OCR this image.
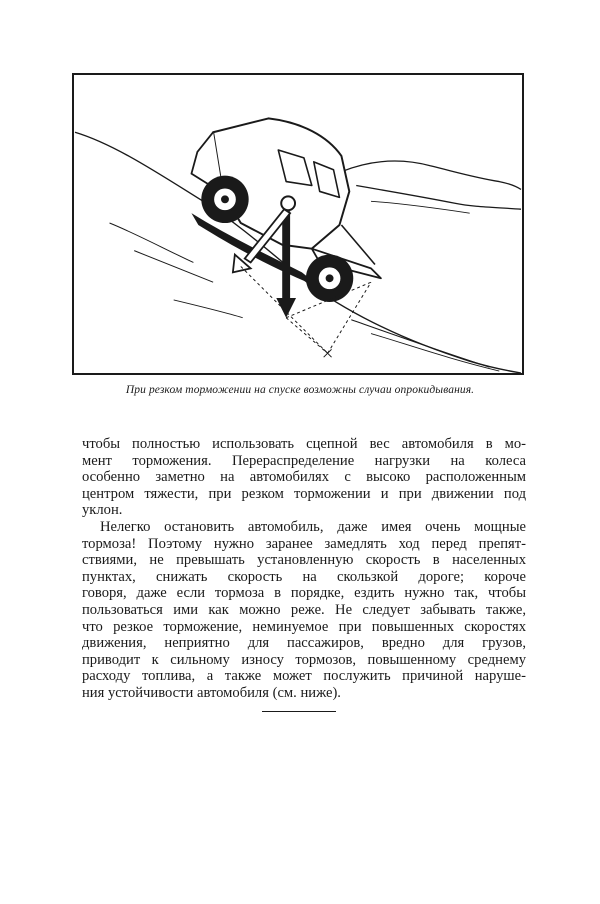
При резком торможении на спуске возможны случаи опрокидывания.
чтобы полностью использовать сцепной вес автомобиля в мо-
мент торможения. Перераспределение нагрузки на колеса
особенно заметно на автомобилях с высоко расположенным
центром тяжести, при резком торможении и при движении под
уклон.
Нелегко остановить автомобиль, даже имея очень мощные
тормоза! Поэтому нужно заранее замедлять ход перед препят-
ствиями, не превышать установленную скорость в населенных
пунктах, снижать скорость на скользкой дороге; короче
говоря, даже если тормоза в порядке, ездить нужно так, чтобы
пользоваться ими как можно реже. Не следует забывать также,
что резкое торможение, неминуемое при повышенных скоростях
движения, неприятно для пассажиров, вредно для грузов,
приводит к сильному износу тормозов, повышенному среднему
расходу топлива, а также может послужить причиной наруше-
ния устойчивости автомобиля (см. ниже).
